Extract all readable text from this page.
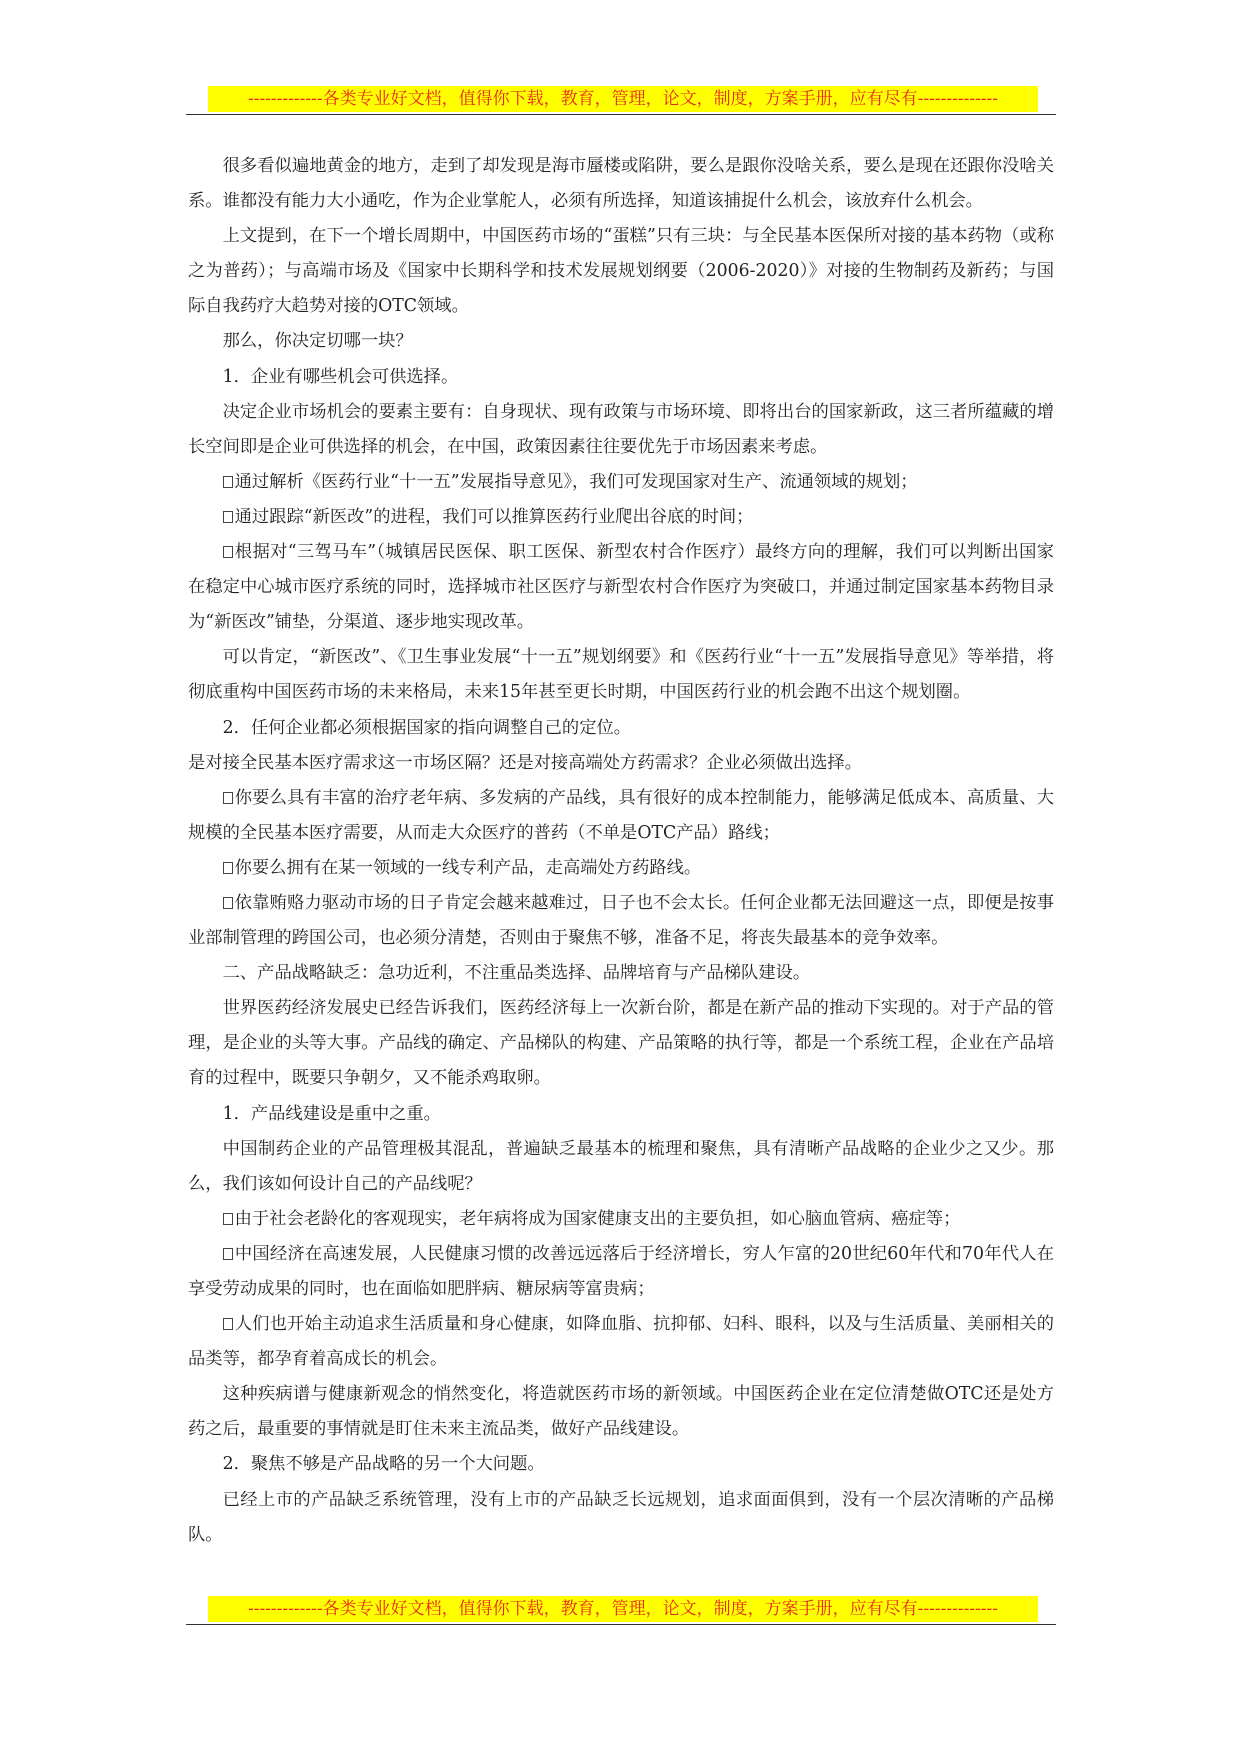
-------------各类专业好文档，值得你下载，教育，管理，论文，制度，方案手册，应有尽有--------------

很多看似遍地黄金的地方，走到了却发现是海市蜃楼或陷阱，要么是跟你没啥关系，要么是现在还跟你没啥关系。谁都没有能力大小通吃，作为企业掌舵人，必须有所选择，知道该捕捉什么机会，该放弃什么机会。

上文提到，在下一个增长周期中，中国医药市场的“蛋糕”只有三块：与全民基本医保所对接的基本药物（或称之为普药）；与高端市场及《国家中长期科学和技术发展规划纲要（2006-2020）》对接的生物制药及新药；与国际自我药疗大趋势对接的OTC领域。

那么，你决定切哪一块？

1．企业有哪些机会可供选择。

决定企业市场机会的要素主要有：自身现状、现有政策与市场环境、即将出台的国家新政，这三者所蕴藏的增长空间即是企业可供选择的机会，在中国，政策因素往往要优先于市场因素来考虑。

通过解析《医药行业“十一五”发展指导意见》，我们可发现国家对生产、流通领域的规划；

通过跟踪“新医改”的进程，我们可以推算医药行业爬出谷底的时间；

根据对“三驾马车”（城镇居民医保、职工医保、新型农村合作医疗）最终方向的理解，我们可以判断出国家在稳定中心城市医疗系统的同时，选择城市社区医疗与新型农村合作医疗为突破口，并通过制定国家基本药物目录为“新医改”铺垫，分渠道、逐步地实现改革。

可以肯定，“新医改”、《卫生事业发展“十一五”规划纲要》和《医药行业“十一五”发展指导意见》等举措，将彻底重构中国医药市场的未来格局，未来15年甚至更长时期，中国医药行业的机会跑不出这个规划圈。

2．任何企业都必须根据国家的指向调整自己的定位。

是对接全民基本医疗需求这一市场区隔？还是对接高端处方药需求？企业必须做出选择。

你要么具有丰富的治疗老年病、多发病的产品线，具有很好的成本控制能力，能够满足低成本、高质量、大规模的全民基本医疗需要，从而走大众医疗的普药（不单是OTC产品）路线；

你要么拥有在某一领域的一线专利产品，走高端处方药路线。

依靠贿赂力驱动市场的日子肯定会越来越难过，日子也不会太长。任何企业都无法回避这一点，即便是按事业部制管理的跨国公司，也必须分清楚，否则由于聚焦不够，准备不足，将丧失最基本的竞争效率。

二、产品战略缺乏：急功近利，不注重品类选择、品牌培育与产品梯队建设。

世界医药经济发展史已经告诉我们，医药经济每上一次新台阶，都是在新产品的推动下实现的。对于产品的管理，是企业的头等大事。产品线的确定、产品梯队的构建、产品策略的执行等，都是一个系统工程，企业在产品培育的过程中，既要只争朝夕，又不能杀鸡取卵。

1．产品线建设是重中之重。

中国制药企业的产品管理极其混乱，普遍缺乏最基本的梳理和聚焦，具有清晰产品战略的企业少之又少。那么，我们该如何设计自己的产品线呢？

由于社会老龄化的客观现实，老年病将成为国家健康支出的主要负担，如心脑血管病、癌症等；

中国经济在高速发展，人民健康习惯的改善远远落后于经济增长，穷人乍富的20世纪60年代和70年代人在享受劳动成果的同时，也在面临如肥胖病、糖尿病等富贵病；

人们也开始主动追求生活质量和身心健康，如降血脂、抗抑郁、妇科、眼科，以及与生活质量、美丽相关的品类等，都孕育着高成长的机会。

这种疾病谱与健康新观念的悄然变化，将造就医药市场的新领域。中国医药企业在定位清楚做OTC还是处方药之后，最重要的事情就是盯住未来主流品类，做好产品线建设。

2．聚焦不够是产品战略的另一个大问题。

已经上市的产品缺乏系统管理，没有上市的产品缺乏长远规划，追求面面俱到，没有一个层次清晰的产品梯队。

-------------各类专业好文档，值得你下载，教育，管理，论文，制度，方案手册，应有尽有--------------
